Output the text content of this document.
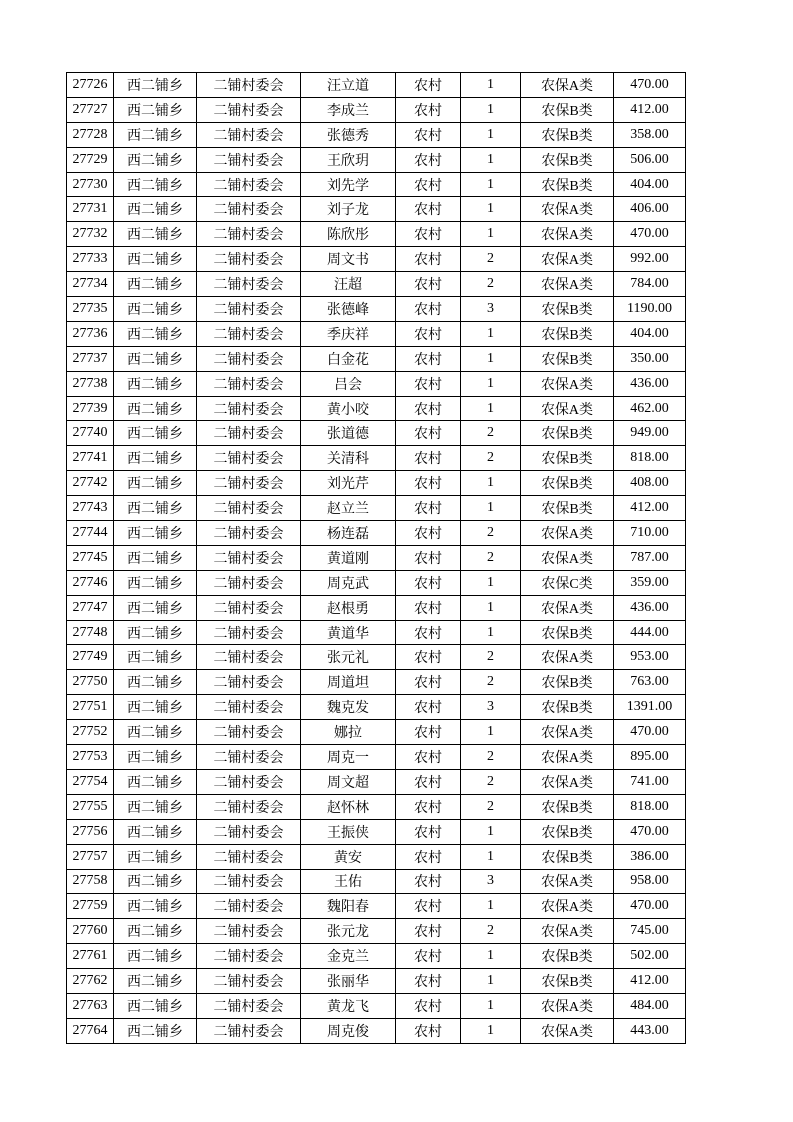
27726	西二铺乡	二铺村委会	汪立道	农村	1	农保A类	470.00
27727	西二铺乡	二铺村委会	李成兰	农村	1	农保B类	412.00
27728	西二铺乡	二铺村委会	张德秀	农村	1	农保B类	358.00
27729	西二铺乡	二铺村委会	王欣玥	农村	1	农保B类	506.00
27730	西二铺乡	二铺村委会	刘先学	农村	1	农保B类	404.00
27731	西二铺乡	二铺村委会	刘子龙	农村	1	农保A类	406.00
27732	西二铺乡	二铺村委会	陈欣彤	农村	1	农保A类	470.00
27733	西二铺乡	二铺村委会	周文书	农村	2	农保A类	992.00
27734	西二铺乡	二铺村委会	汪超	农村	2	农保A类	784.00
27735	西二铺乡	二铺村委会	张德峰	农村	3	农保B类	1190.00
27736	西二铺乡	二铺村委会	季庆祥	农村	1	农保B类	404.00
27737	西二铺乡	二铺村委会	白金花	农村	1	农保B类	350.00
27738	西二铺乡	二铺村委会	吕会	农村	1	农保A类	436.00
27739	西二铺乡	二铺村委会	黄小咬	农村	1	农保A类	462.00
27740	西二铺乡	二铺村委会	张道德	农村	2	农保B类	949.00
27741	西二铺乡	二铺村委会	关清科	农村	2	农保B类	818.00
27742	西二铺乡	二铺村委会	刘光芹	农村	1	农保B类	408.00
27743	西二铺乡	二铺村委会	赵立兰	农村	1	农保B类	412.00
27744	西二铺乡	二铺村委会	杨连磊	农村	2	农保A类	710.00
27745	西二铺乡	二铺村委会	黄道刚	农村	2	农保A类	787.00
27746	西二铺乡	二铺村委会	周克武	农村	1	农保C类	359.00
27747	西二铺乡	二铺村委会	赵根勇	农村	1	农保A类	436.00
27748	西二铺乡	二铺村委会	黄道华	农村	1	农保B类	444.00
27749	西二铺乡	二铺村委会	张元礼	农村	2	农保A类	953.00
27750	西二铺乡	二铺村委会	周道坦	农村	2	农保B类	763.00
27751	西二铺乡	二铺村委会	魏克发	农村	3	农保B类	1391.00
27752	西二铺乡	二铺村委会	娜拉	农村	1	农保A类	470.00
27753	西二铺乡	二铺村委会	周克一	农村	2	农保A类	895.00
27754	西二铺乡	二铺村委会	周文超	农村	2	农保A类	741.00
27755	西二铺乡	二铺村委会	赵怀林	农村	2	农保B类	818.00
27756	西二铺乡	二铺村委会	王振侠	农村	1	农保B类	470.00
27757	西二铺乡	二铺村委会	黄安	农村	1	农保B类	386.00
27758	西二铺乡	二铺村委会	王佑	农村	3	农保A类	958.00
27759	西二铺乡	二铺村委会	魏阳春	农村	1	农保A类	470.00
27760	西二铺乡	二铺村委会	张元龙	农村	2	农保A类	745.00
27761	西二铺乡	二铺村委会	金克兰	农村	1	农保B类	502.00
27762	西二铺乡	二铺村委会	张丽华	农村	1	农保B类	412.00
27763	西二铺乡	二铺村委会	黄龙飞	农村	1	农保A类	484.00
27764	西二铺乡	二铺村委会	周克俊	农村	1	农保A类	443.00
